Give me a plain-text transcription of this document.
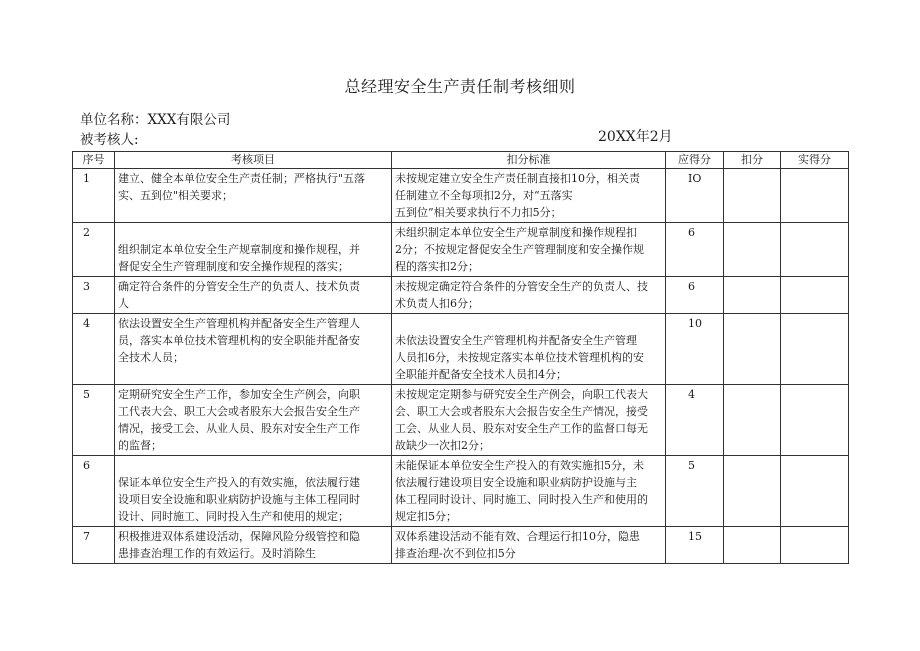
总经理安全生产责任制考核细则
单位名称：XXX有限公司
被考核人:	20XX年2月
序号	考核项目	扣分标准	应得分	扣分	实得分
1	建立、健全本单位安全生产责任制；严格执行"五落
实、五到位"相关要求；	未按规定建立安全生产责任制直接扣10分，相关责
任制建立不全每项扣2分，对“五落实
五到位”相关要求执行不力扣5分；	IO		
2	组织制定本单位安全生产规章制度和操作规程，并
督促安全生产管理制度和安全操作规程的落实；	未组织制定本单位安全生产规章制度和操作规程扣
2分；不按规定督促安全生产管理制度和安全操作规
程的落实扣2分；	6		
3	确定符合条件的分管安全生产的负责人、技术负责
人	未按规定确定符合条件的分管安全生产的负责人、技
术负责人扣6分；	6		
4	依法设置安全生产管理机构并配备安全生产管理人
员，落实本单位技术管理机构的安全职能并配备安
全技术人员；	未依法设置安全生产管理机构并配备安全生产管理
人员扣6分，未按规定落实本单位技术管理机构的安
全职能并配备安全技术人员扣4分；	10		
5	定期研究安全生产工作，参加安全生产例会，向职
工代表大会、职工大会或者股东大会报告安全生产
情况，接受工会、从业人员、股东对安全生产工作
的监督；	未按规定定期参与研究安全生产例会，向职工代表大
会、职工大会或者股东大会报告安全生产情况，接受
工会、从业人员、股东对安全生产工作的监督口每无
故缺少一次扣2分；	4		
6	保证本单位安全生产投入的有效实施，依法履行建
设项目安全设施和职业病防护设施与主体工程同时
设计、同时施工、同时投入生产和使用的规定；	未能保证本单位安全生产投入的有效实施扣5分，未
依法履行建设项目安全设施和职业病防护设施与主
体工程同时设计、同时施工、同时投入生产和使用的
规定扣5分；	5		
7	积极推进双体系建设活动，保障风险分级管控和隐
患排查治理工作的有效运行。及时消除生	双体系建设活动不能有效、合理运行扣10分，隐患
排查治理-次不到位扣5分	15		
